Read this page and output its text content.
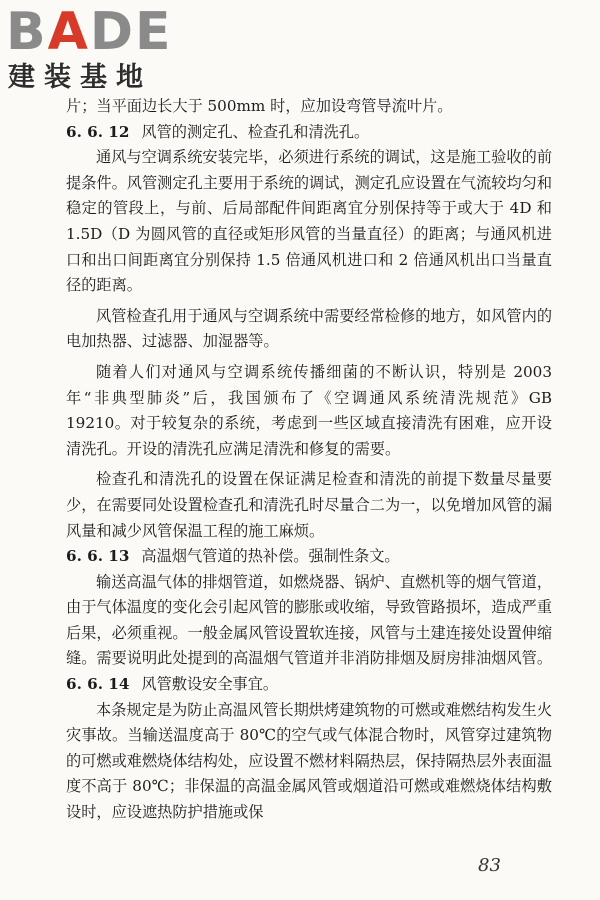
BADE
建装基地

片；当平面边长大于 500mm 时，应加设弯管导流叶片。

6. 6. 12 风管的测定孔、检查孔和清洗孔。

通风与空调系统安装完毕，必须进行系统的调试，这是施工验收的前提条件。风管测定孔主要用于系统的调试，测定孔应设置在气流较均匀和稳定的管段上，与前、后局部配件间距离宜分别保持等于或大于 4D 和 1.5D（D 为圆风管的直径或矩形风管的当量直径）的距离；与通风机进口和出口间距离宜分别保持 1.5 倍通风机进口和 2 倍通风机出口当量直径的距离。

风管检查孔用于通风与空调系统中需要经常检修的地方，如风管内的电加热器、过滤器、加湿器等。

随着人们对通风与空调系统传播细菌的不断认识，特别是 2003 年“非典型肺炎”后，我国颁布了《空调通风系统清洗规范》GB 19210。对于较复杂的系统，考虑到一些区域直接清洗有困难，应开设清洗孔。开设的清洗孔应满足清洗和修复的需要。

检查孔和清洗孔的设置在保证满足检查和清洗的前提下数量尽量要少，在需要同处设置检查孔和清洗孔时尽量合二为一，以免增加风管的漏风量和减少风管保温工程的施工麻烦。

6. 6. 13 高温烟气管道的热补偿。强制性条文。

输送高温气体的排烟管道，如燃烧器、锅炉、直燃机等的烟气管道，由于气体温度的变化会引起风管的膨胀或收缩，导致管路损坏，造成严重后果，必须重视。一般金属风管设置软连接，风管与土建连接处设置伸缩缝。需要说明此处提到的高温烟气管道并非消防排烟及厨房排油烟风管。

6. 6. 14 风管敷设安全事宜。

本条规定是为防止高温风管长期烘烤建筑物的可燃或难燃结构发生火灾事故。当输送温度高于 80℃的空气或气体混合物时，风管穿过建筑物的可燃或难燃烧体结构处，应设置不燃材料隔热层，保持隔热层外表面温度不高于 80℃；非保温的高温金属风管或烟道沿可燃或难燃烧体结构敷设时，应设遮热防护措施或保

83
